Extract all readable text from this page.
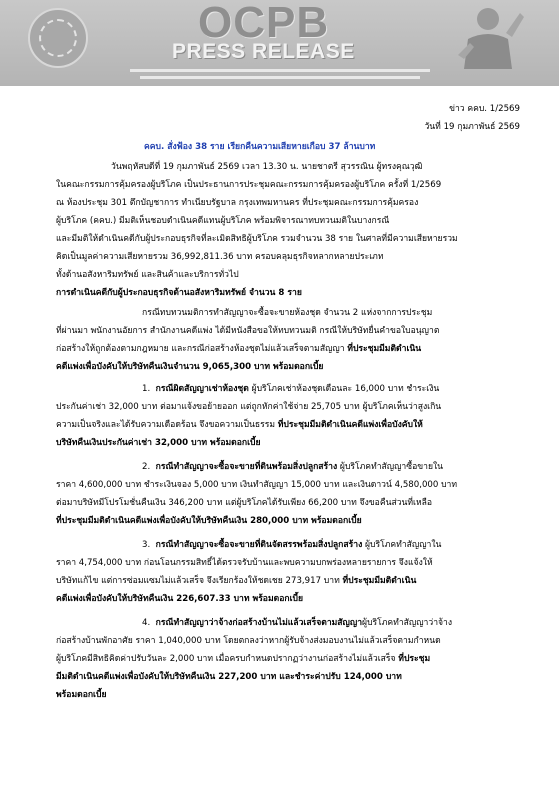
OCPB
PRESS RELEASE
ข่าว คคบ. 1/2569
วันที่ 19 กุมภาพันธ์ 2569
คคบ. สั่งฟ้อง 38 ราย เรียกคืนความเสียหายเกือบ 37 ล้านบาท
วันพฤหัสบดีที่ 19 กุมภาพันธ์ 2569 เวลา 13.30 น. นายชาตรี สุวรรณิน ผู้ทรงคุณวุฒิ
ในคณะกรรมการคุ้มครองผู้บริโภค เป็นประธานการประชุมคณะกรรมการคุ้มครองผู้บริโภค ครั้งที่ 1/2569
ณ ห้องประชุม 301 ตึกบัญชาการ ทำเนียบรัฐบาล กรุงเทพมหานคร ที่ประชุมคณะกรรมการคุ้มครอง
ผู้บริโภค (คคบ.) มีมติเห็นชอบดำเนินคดีแทนผู้บริโภค พร้อมพิจารณาทบทวนมติในบางกรณี
และมีมติให้ดำเนินคดีกับผู้ประกอบธุรกิจที่ละเมิดสิทธิผู้บริโภค รวมจำนวน 38 ราย ในศาลที่มีความเสียหายรวม
คิดเป็นมูลค่าความเสียหายรวม 36,992,811.36 บาท ครอบคลุมธุรกิจหลากหลายประเภท
ทั้งด้านอสังหาริมทรัพย์ และสินค้าและบริการทั่วไป
การดำเนินคดีกับผู้ประกอบธุรกิจด้านอสังหาริมทรัพย์ จำนวน 8 ราย
กรณีทบทวนมติการทำสัญญาจะซื้อจะขายห้องชุด จำนวน 2 แห่งจากการประชุม
ที่ผ่านมา พนักงานอัยการ สำนักงานคดีแพ่ง ได้มีหนังสือขอให้ทบทวนมติ กรณีให้บริษัทยื่นคำขอใบอนุญาต
ก่อสร้างให้ถูกต้องตามกฎหมาย และกรณีก่อสร้างห้องชุดไม่แล้วเสร็จตามสัญญา ที่ประชุมมีมติดำเนิน
คดีแพ่งเพื่อบังคับให้บริษัทคืนเงินจำนวน 9,065,300 บาท พร้อมดอกเบี้ย
1. กรณีผิดสัญญาเช่าห้องชุด ผู้บริโภคเช่าห้องชุดเดือนละ 16,000 บาท ชำระเงิน
ประกันค่าเช่า 32,000 บาท ต่อมาแจ้งขอย้ายออก แต่ถูกหักค่าใช้จ่าย 25,705 บาท ผู้บริโภคเห็นว่าสูงเกิน
ความเป็นจริงและได้รับความเดือดร้อน จึงขอความเป็นธรรม ที่ประชุมมีมติดำเนินคดีแพ่งเพื่อบังคับให้
บริษัทคืนเงินประกันค่าเช่า 32,000 บาท พร้อมดอกเบี้ย
2. กรณีทำสัญญาจะซื้อจะขายที่ดินพร้อมสิ่งปลูกสร้าง ผู้บริโภคทำสัญญาซื้อขายใน
ราคา 4,600,000 บาท ชำระเงินจอง 5,000 บาท เงินทำสัญญา 15,000 บาท และเงินดาวน์ 4,580,000 บาท
ต่อมาบริษัทมีโปรโมชั่นคืนเงิน 346,200 บาท แต่ผู้บริโภคได้รับเพียง 66,200 บาท จึงขอคืนส่วนที่เหลือ
ที่ประชุมมีมติดำเนินคดีแพ่งเพื่อบังคับให้บริษัทคืนเงิน 280,000 บาท พร้อมดอกเบี้ย
3. กรณีทำสัญญาจะซื้อจะขายที่ดินจัดสรรพร้อมสิ่งปลูกสร้าง ผู้บริโภคทำสัญญาใน
ราคา 4,754,000 บาท ก่อนโอนกรรมสิทธิ์ได้ตรวจรับบ้านและพบความบกพร่องหลายรายการ จึงแจ้งให้
บริษัทแก้ไข แต่การซ่อมแซมไม่แล้วเสร็จ จึงเรียกร้องให้ชดเชย 273,917 บาท ที่ประชุมมีมติดำเนิน
คดีแพ่งเพื่อบังคับให้บริษัทคืนเงิน 226,607.33 บาท พร้อมดอกเบี้ย
4. กรณีทำสัญญาว่าจ้างก่อสร้างบ้านไม่แล้วเสร็จตามสัญญาผู้บริโภคทำสัญญาว่าจ้าง
ก่อสร้างบ้านพักอาศัย ราคา 1,040,000 บาท โดยตกลงว่าหากผู้รับจ้างส่งมอบงานไม่แล้วเสร็จตามกำหนด
ผู้บริโภคมีสิทธิคิดค่าปรับวันละ 2,000 บาท เมื่อครบกำหนดปรากฏว่างานก่อสร้างไม่แล้วเสร็จ ที่ประชุม
มีมติดำเนินคดีแพ่งเพื่อบังคับให้บริษัทคืนเงิน 227,200 บาท และชำระค่าปรับ 124,000 บาท
พร้อมดอกเบี้ย
